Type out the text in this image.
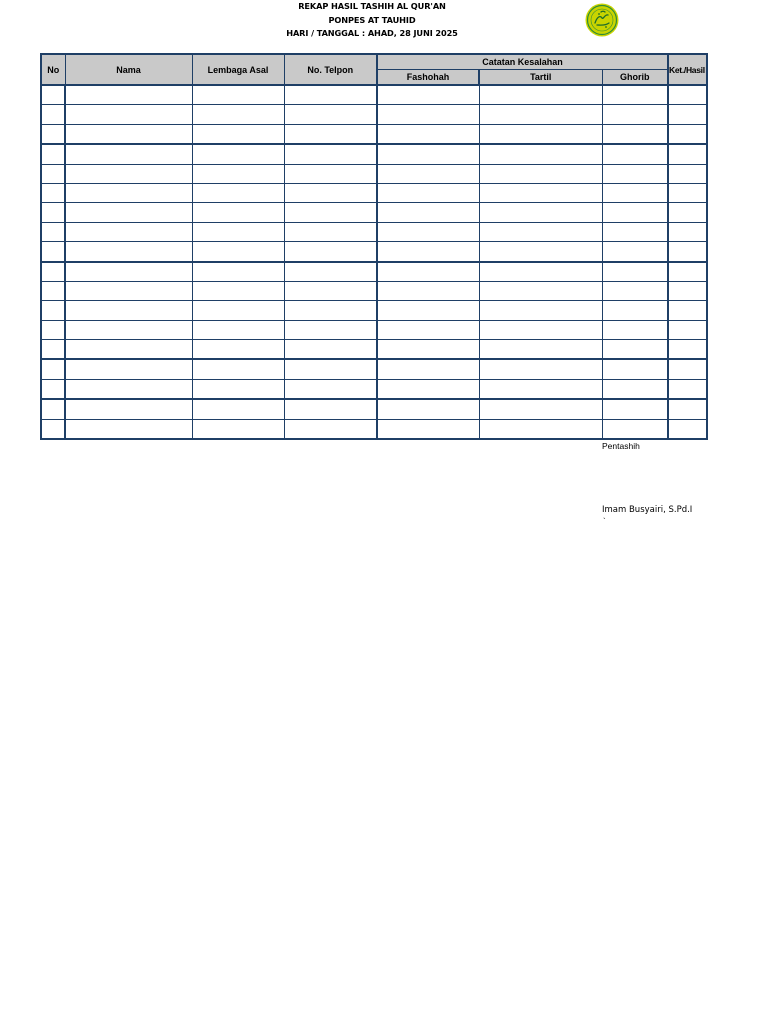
REKAP HASIL TASHIH AL QUR'AN
PONPES AT TAUHID
HARI / TANGGAL : AHAD, 28 JUNI 2025
No	Nama	Lembaga Asal	No. Telpon	Catatan Kesalahan			Ket./Hasil
				Fashohah	Tartil	Ghorib	

Pentashih
Imam Busyairi, S.Pd.I
`
